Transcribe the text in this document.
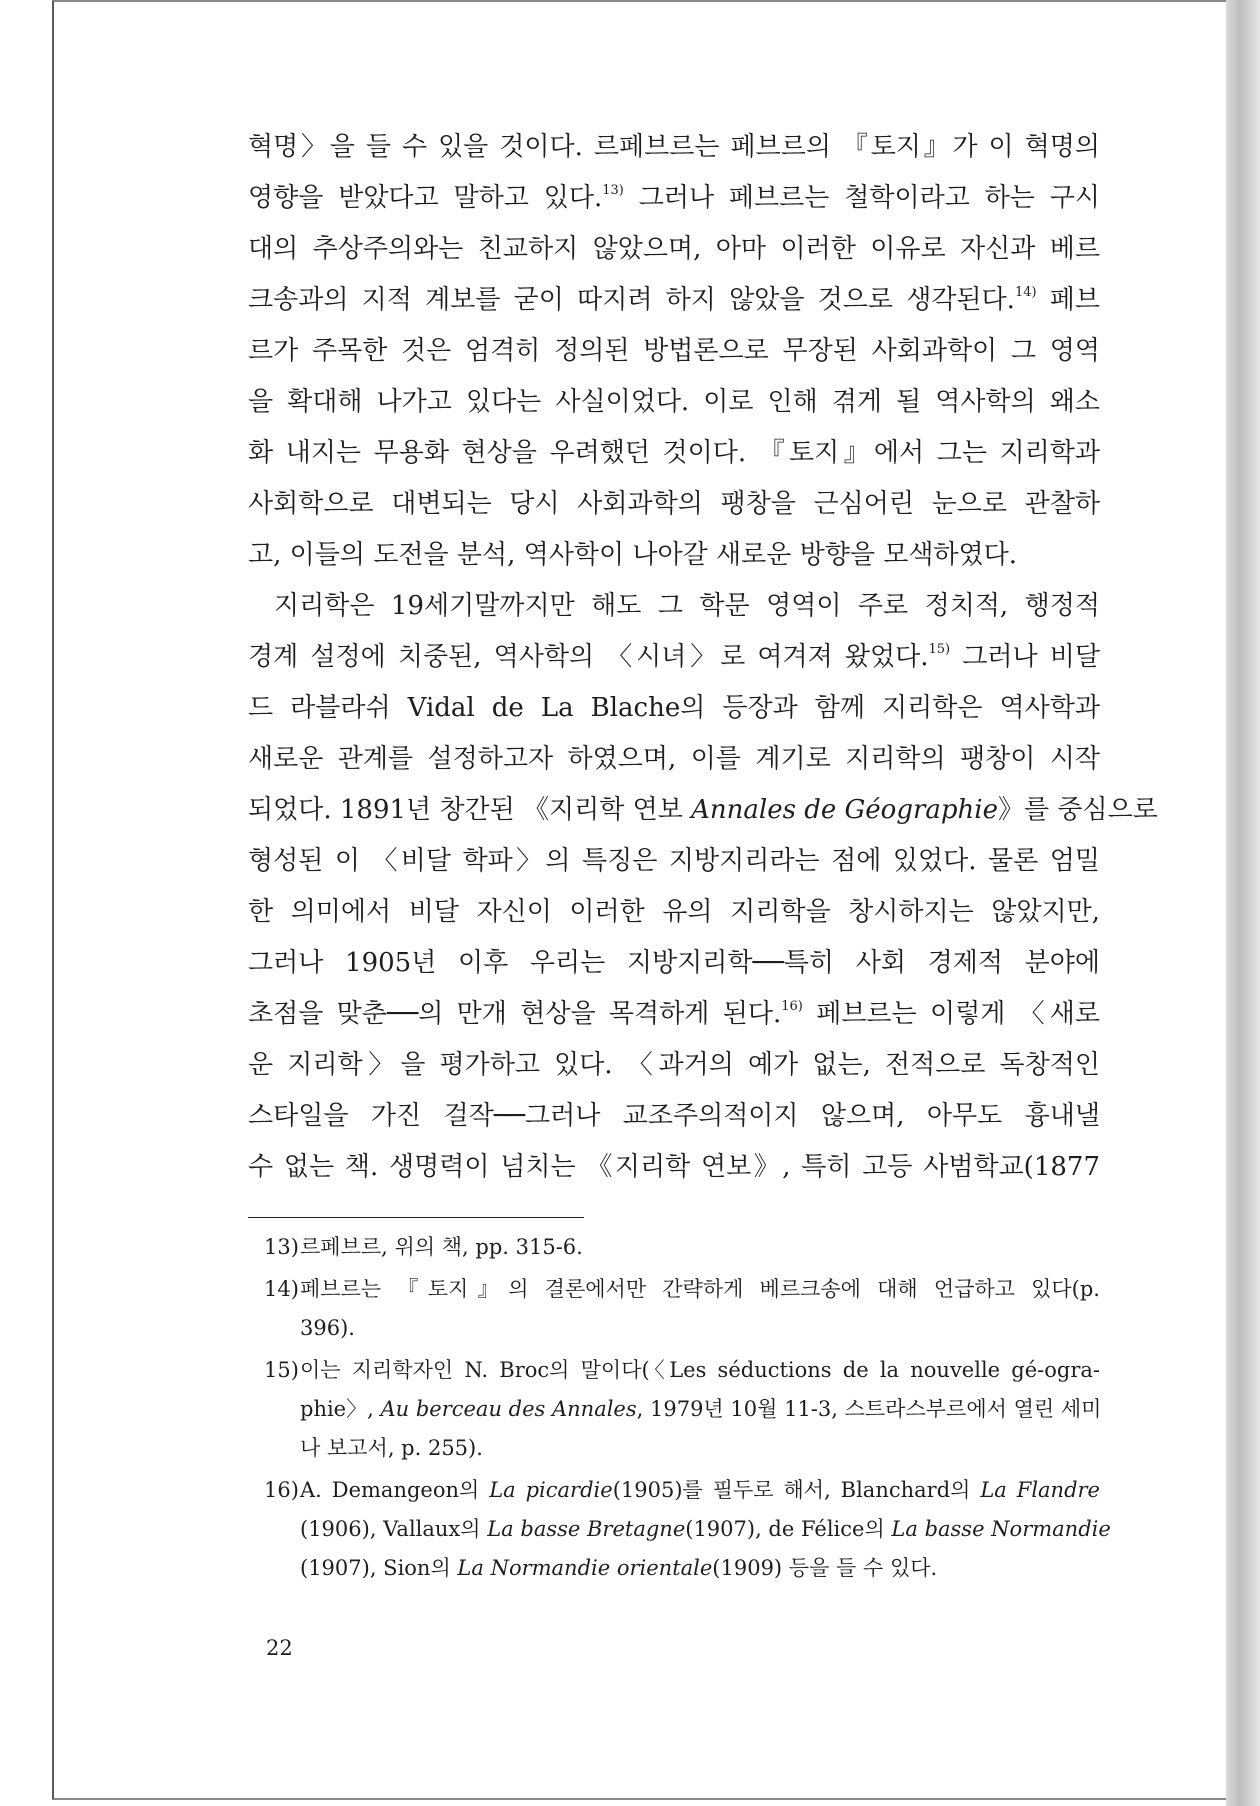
혁명〉을 들 수 있을 것이다. 르페브르는 페브르의 『토지』가 이 혁명의
영향을 받았다고 말하고 있다.$^{13)}$ 그러나 페브르는 철학이라고 하는 구시
대의 추상주의와는 친교하지 않았으며, 아마 이러한 이유로 자신과 베르
크송과의 지적 계보를 굳이 따지려 하지 않았을 것으로 생각된다.$^{14)}$ 페브
르가 주목한 것은 엄격히 정의된 방법론으로 무장된 사회과학이 그 영역
을 확대해 나가고 있다는 사실이었다. 이로 인해 겪게 될 역사학의 왜소
화 내지는 무용화 현상을 우려했던 것이다. 『토지』에서 그는 지리학과
사회학으로 대변되는 당시 사회과학의 팽창을 근심어린 눈으로 관찰하
고, 이들의 도전을 분석, 역사학이 나아갈 새로운 방향을 모색하였다.
지리학은 19세기말까지만 해도 그 학문 영역이 주로 정치적, 행정적
경계 설정에 치중된, 역사학의 〈시녀〉로 여겨져 왔었다.$^{15)}$ 그러나 비달
드 라블라쉬 Vidal de La Blache의 등장과 함께 지리학은 역사학과
새로운 관계를 설정하고자 하였으며, 이를 계기로 지리학의 팽창이 시작
되었다. 1891년 창간된 《지리학 연보 Annales de Géographie》를 중심으로
형성된 이 〈비달 학파〉의 특징은 지방지리라는 점에 있었다. 물론 엄밀
한 의미에서 비달 자신이 이러한 유의 지리학을 창시하지는 않았지만,
그러나 1905년 이후 우리는 지방지리학──특히 사회 경제적 분야에
초점을 맞춘──의 만개 현상을 목격하게 된다.$^{16)}$ 페브르는 이렇게 〈새로
운 지리학〉을 평가하고 있다. 〈과거의 예가 없는, 전적으로 독창적인
스타일을 가진 걸작──그러나 교조주의적이지 않으며, 아무도 흉내낼
수 없는 책. 생명력이 넘치는 《지리학 연보》, 특히 고등 사범학교(1877
13) 르페브르, 위의 책, pp. 315-6.
14) 페브르는 『토지』의 결론에서만 간략하게 베르크송에 대해 언급하고 있다(p.
396).
15) 이는 지리학자인 N. Broc의 말이다(〈Les séductions de la nouvelle gé-ogra-
phie〉, Au berceau des Annales, 1979년 10월 11-3, 스트라스부르에서 열린 세미
나 보고서, p. 255).
16) A. Demangeon의 La picardie(1905)를 필두로 해서, Blanchard의 La Flandre
(1906), Vallaux의 La basse Bretagne(1907), de Félice의 La basse Normandie
(1907), Sion의 La Normandie orientale(1909) 등을 들 수 있다.
22
